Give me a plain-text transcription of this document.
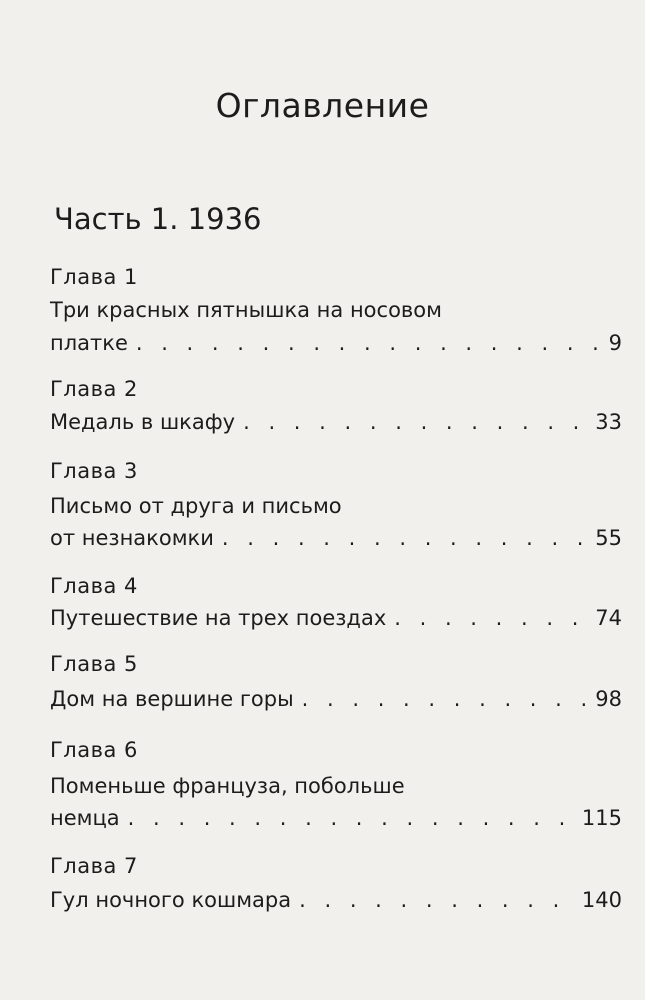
Оглавление
Часть 1. 1936
Глава 1
Три красных пятнышка на носовом
платке . . .	9
Глава 2
Медаль в шкафу . . .	33
Глава 3
Письмо от друга и письмо
от незнакомки . . .	55
Глава 4
Путешествие на трех поездах . . .	74
Глава 5
Дом на вершине горы . . .	98
Глава 6
Поменьше француза, побольше
немца . . .	115
Глава 7
Гул ночного кошмара . . .	140
